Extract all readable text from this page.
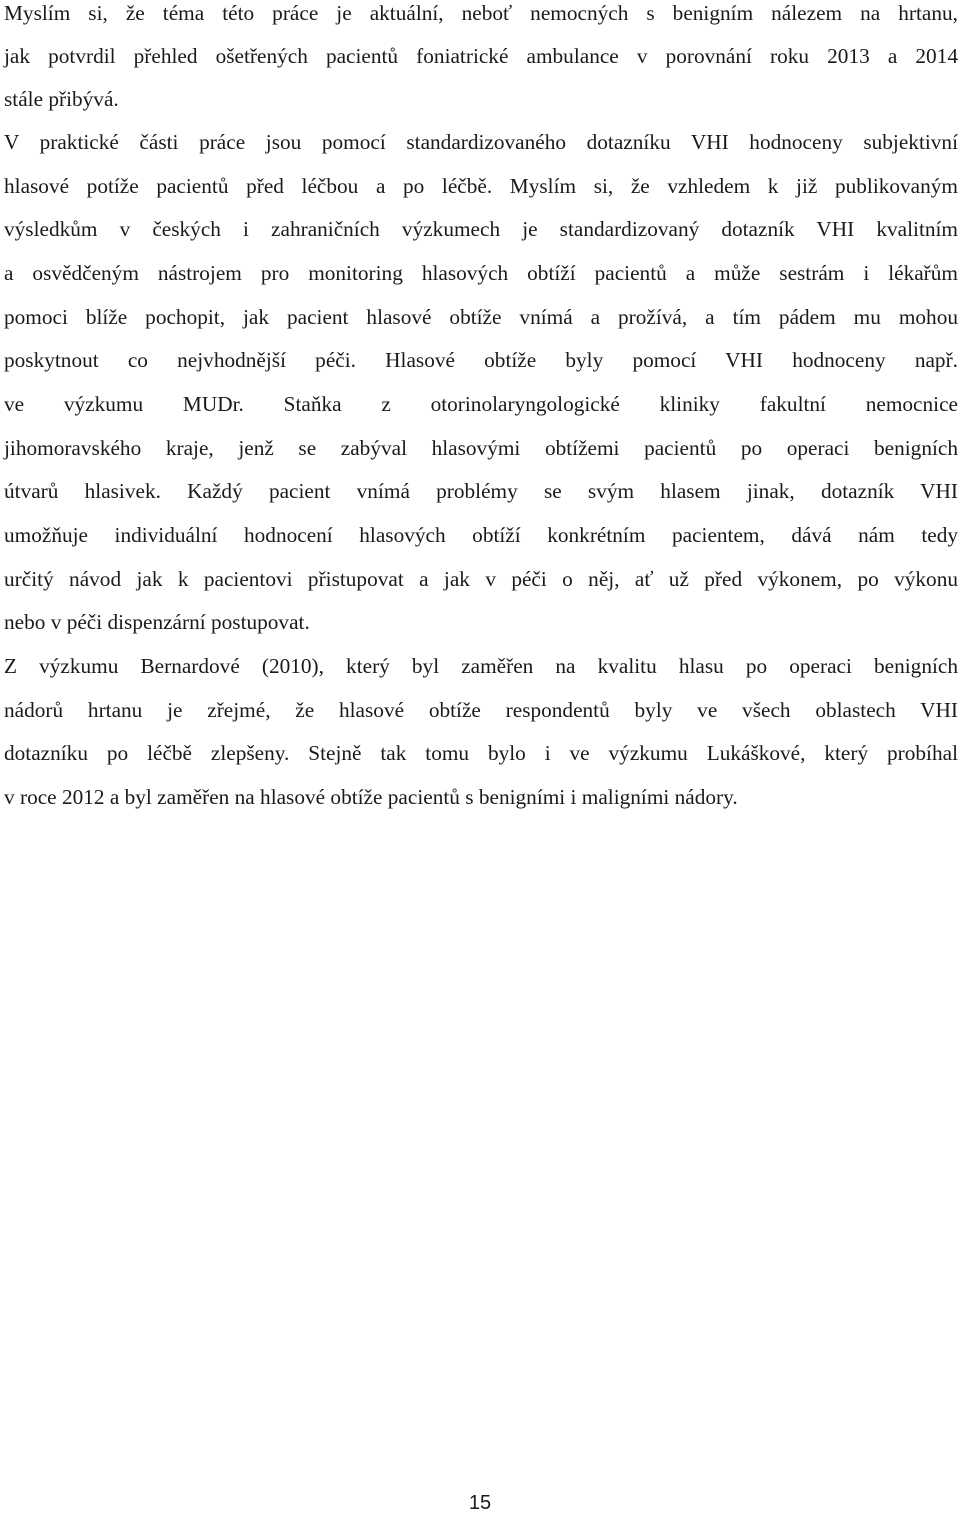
Myslím si, že téma této práce je aktuální, neboť nemocných s benigním nálezem na hrtanu,
jak potvrdil přehled ošetřených pacientů foniatrické ambulance v porovnání roku 2013 a 2014
stále přibývá.
V praktické části práce jsou pomocí standardizovaného dotazníku VHI hodnoceny subjektivní
hlasové potíže pacientů před léčbou a po léčbě. Myslím si, že vzhledem k již publikovaným
výsledkům v českých i zahraničních výzkumech je standardizovaný dotazník VHI kvalitním
a osvědčeným nástrojem pro monitoring hlasových obtíží pacientů a může sestrám i lékařům
pomoci blíže pochopit, jak pacient hlasové obtíže vnímá a prožívá, a tím pádem mu mohou
poskytnout co nejvhodnější péči. Hlasové obtíže byly pomocí VHI hodnoceny např.
ve výzkumu MUDr. Staňka z otorinolaryngologické kliniky fakultní nemocnice
jihomoravského kraje, jenž se zabýval hlasovými obtížemi pacientů po operaci benigních
útvarů hlasivek. Každý pacient vnímá problémy se svým hlasem jinak, dotazník VHI
umožňuje individuální hodnocení hlasových obtíží konkrétním pacientem, dává nám tedy
určitý návod jak k pacientovi přistupovat a jak v péči o něj, ať už před výkonem, po výkonu
nebo v péči dispenzární postupovat.
Z výzkumu Bernardové (2010), který byl zaměřen na kvalitu hlasu po operaci benigních
nádorů hrtanu je zřejmé, že hlasové obtíže respondentů byly ve všech oblastech VHI
dotazníku po léčbě zlepšeny. Stejně tak tomu bylo i ve výzkumu Lukáškové, který probíhal
v roce 2012 a byl zaměřen na hlasové obtíže pacientů s benigními i maligními nádory.
15
